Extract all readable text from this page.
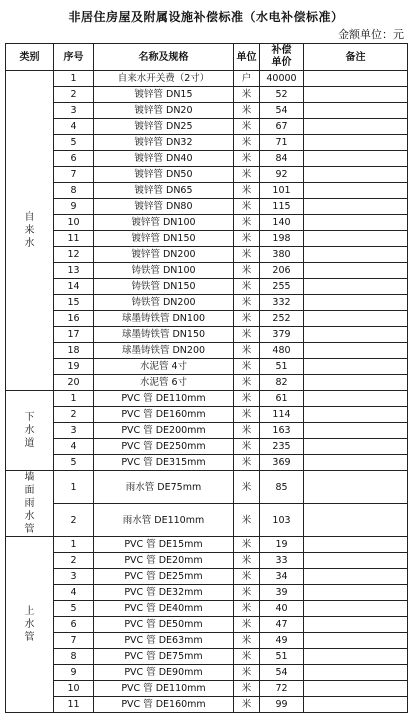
非居住房屋及附属设施补偿标准（水电补偿标准）
金额单位：元
类别	序号	名称及规格	单位	补偿单价	备注
自来水	1	自来水开关费（2寸）	户	40000	
	2	镀锌管 DN15	米	52	
	3	镀锌管 DN20	米	54	
	4	镀锌管 DN25	米	67	
	5	镀锌管 DN32	米	71	
	6	镀锌管 DN40	米	84	
	7	镀锌管 DN50	米	92	
	8	镀锌管 DN65	米	101	
	9	镀锌管 DN80	米	115	
	10	镀锌管 DN100	米	140	
	11	镀锌管 DN150	米	198	
	12	镀锌管 DN200	米	380	
	13	铸铁管 DN100	米	206	
	14	铸铁管 DN150	米	255	
	15	铸铁管 DN200	米	332	
	16	球墨铸铁管 DN100	米	252	
	17	球墨铸铁管 DN150	米	379	
	18	球墨铸铁管 DN200	米	480	
	19	水泥管 4寸	米	51	
	20	水泥管 6寸	米	82	
下水道	1	PVC 管 DE110mm	米	61	
	2	PVC 管 DE160mm	米	114	
	3	PVC 管 DE200mm	米	163	
	4	PVC 管 DE250mm	米	235	
	5	PVC 管 DE315mm	米	369	
墙面雨水管	1	雨水管 DE75mm	米	85	
	2	雨水管 DE110mm	米	103	
上水管	1	PVC 管 DE15mm	米	19	
	2	PVC 管 DE20mm	米	33	
	3	PVC 管 DE25mm	米	34	
	4	PVC 管 DE32mm	米	39	
	5	PVC 管 DE40mm	米	40	
	6	PVC 管 DE50mm	米	47	
	7	PVC 管 DE63mm	米	49	
	8	PVC 管 DE75mm	米	51	
	9	PVC 管 DE90mm	米	54	
	10	PVC 管 DE110mm	米	72	
	11	PVC 管 DE160mm	米	99	
